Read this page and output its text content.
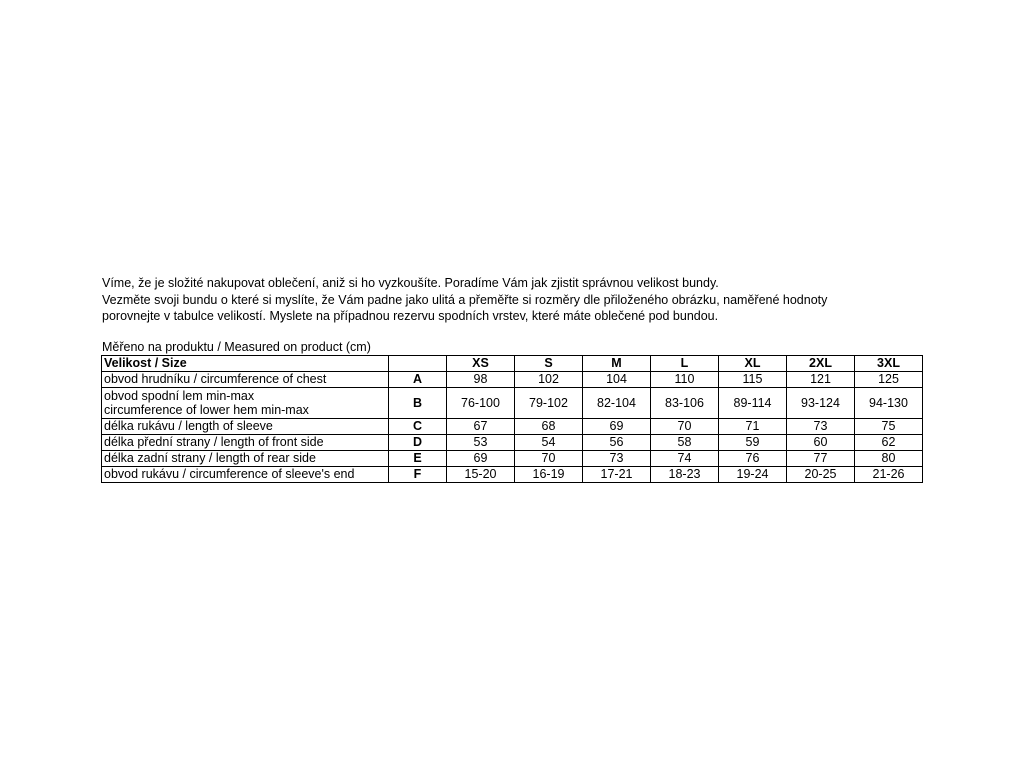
Víme, že je složité nakupovat oblečení, aniž si ho vyzkoušíte. Poradíme Vám jak zjistit správnou velikost bundy.

Vezměte svoji bundu o které si myslíte, že Vám padne jako ulitá a přeměřte si rozměry dle přiloženého obrázku, naměřené hodnoty

porovnejte v tabulce velikostí. Myslete na případnou rezervu spodních vrstev, které máte oblečené pod bundou.

Měřeno na produktu / Measured on product (cm)
Velikost / Size		XS	S	M	L	XL	2XL	3XL
obvod hrudníku / circumference of chest	A	98	102	104	110	115	121	125

obvod spodní lem min-max
circumference of lower hem min-max	B	76-100	79-102	82-104	83-106	89-114	93-124	94-130
délka rukávu / length of sleeve	C	67	68	69	70	71	73	75
délka přední strany / length of front side	D	53	54	56	58	59	60	62
délka zadní strany / length of rear side	E	69	70	73	74	76	77	80
obvod rukávu / circumference of sleeve's end	F	15-20	16-19	17-21	18-23	19-24	20-25	21-26
